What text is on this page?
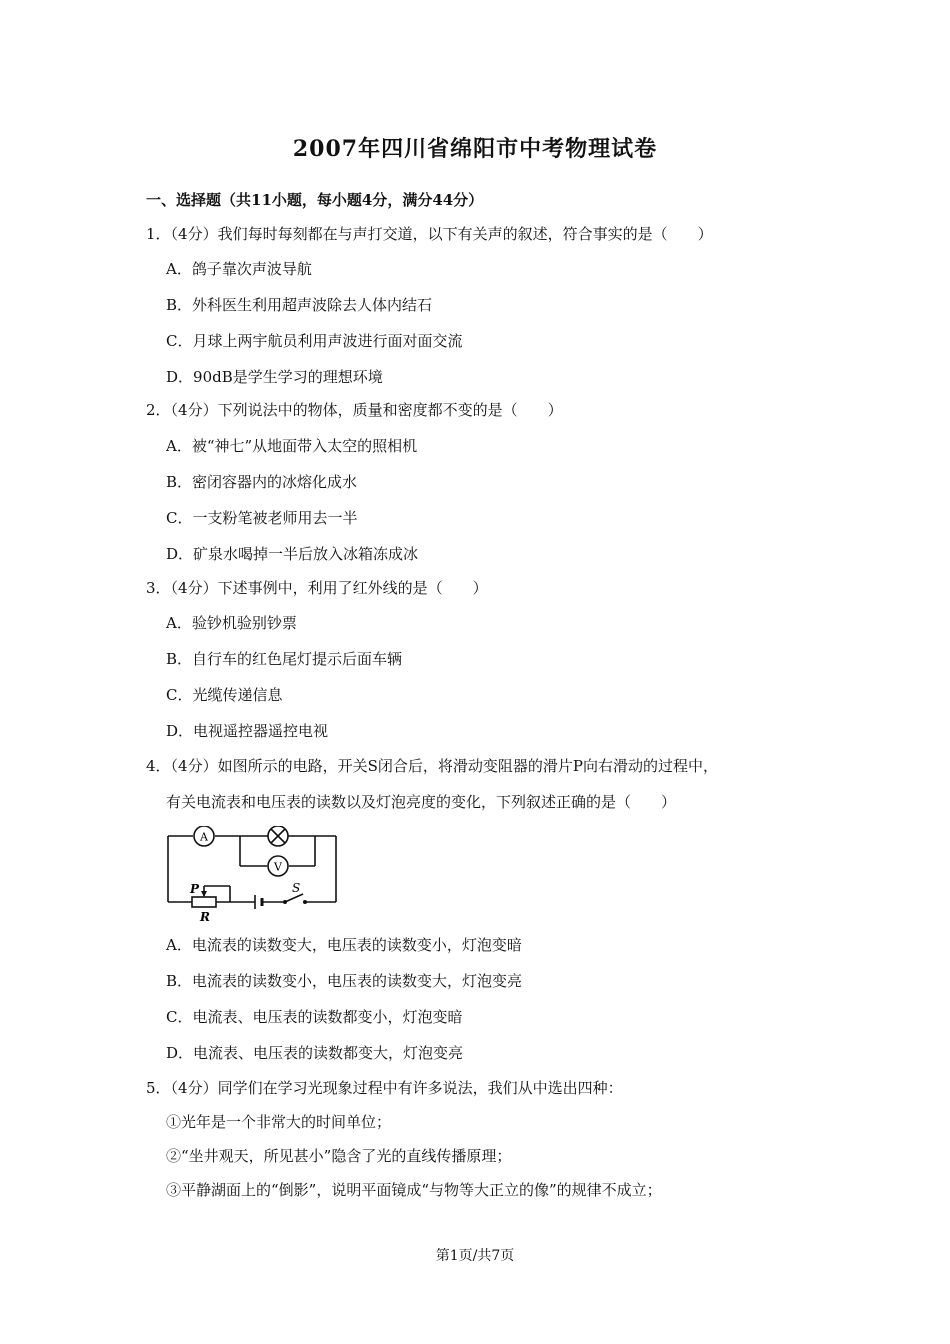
2007年四川省绵阳市中考物理试卷
一、选择题（共11小题，每小题4分，满分44分）
1．（4分）我们每时每刻都在与声打交道，以下有关声的叙述，符合事实的是（　　）
A．鸽子靠次声波导航
B．外科医生利用超声波除去人体内结石
C．月球上两宇航员利用声波进行面对面交流
D．90dB是学生学习的理想环境
2．（4分）下列说法中的物体，质量和密度都不变的是（　　）
A．被“神七”从地面带入太空的照相机
B．密闭容器内的冰熔化成水
C．一支粉笔被老师用去一半
D．矿泉水喝掉一半后放入冰箱冻成冰
3．（4分）下述事例中，利用了红外线的是（　　）
A．验钞机验别钞票
B．自行车的红色尾灯提示后面车辆
C．光缆传递信息
D．电视遥控器遥控电视
4．（4分）如图所示的电路，开关S闭合后，将滑动变阻器的滑片P向右滑动的过程中，
有关电流表和电压表的读数以及灯泡亮度的变化，下列叙述正确的是（　　）
A
V
P
R
S
A．电流表的读数变大，电压表的读数变小，灯泡变暗
B．电流表的读数变小，电压表的读数变大，灯泡变亮
C．电流表、电压表的读数都变小，灯泡变暗
D．电流表、电压表的读数都变大，灯泡变亮
5．（4分）同学们在学习光现象过程中有许多说法，我们从中选出四种：
①光年是一个非常大的时间单位；
②“坐井观天，所见甚小”隐含了光的直线传播原理；
③平静湖面上的“倒影”，说明平面镜成“与物等大正立的像”的规律不成立；
第1页/共7页
